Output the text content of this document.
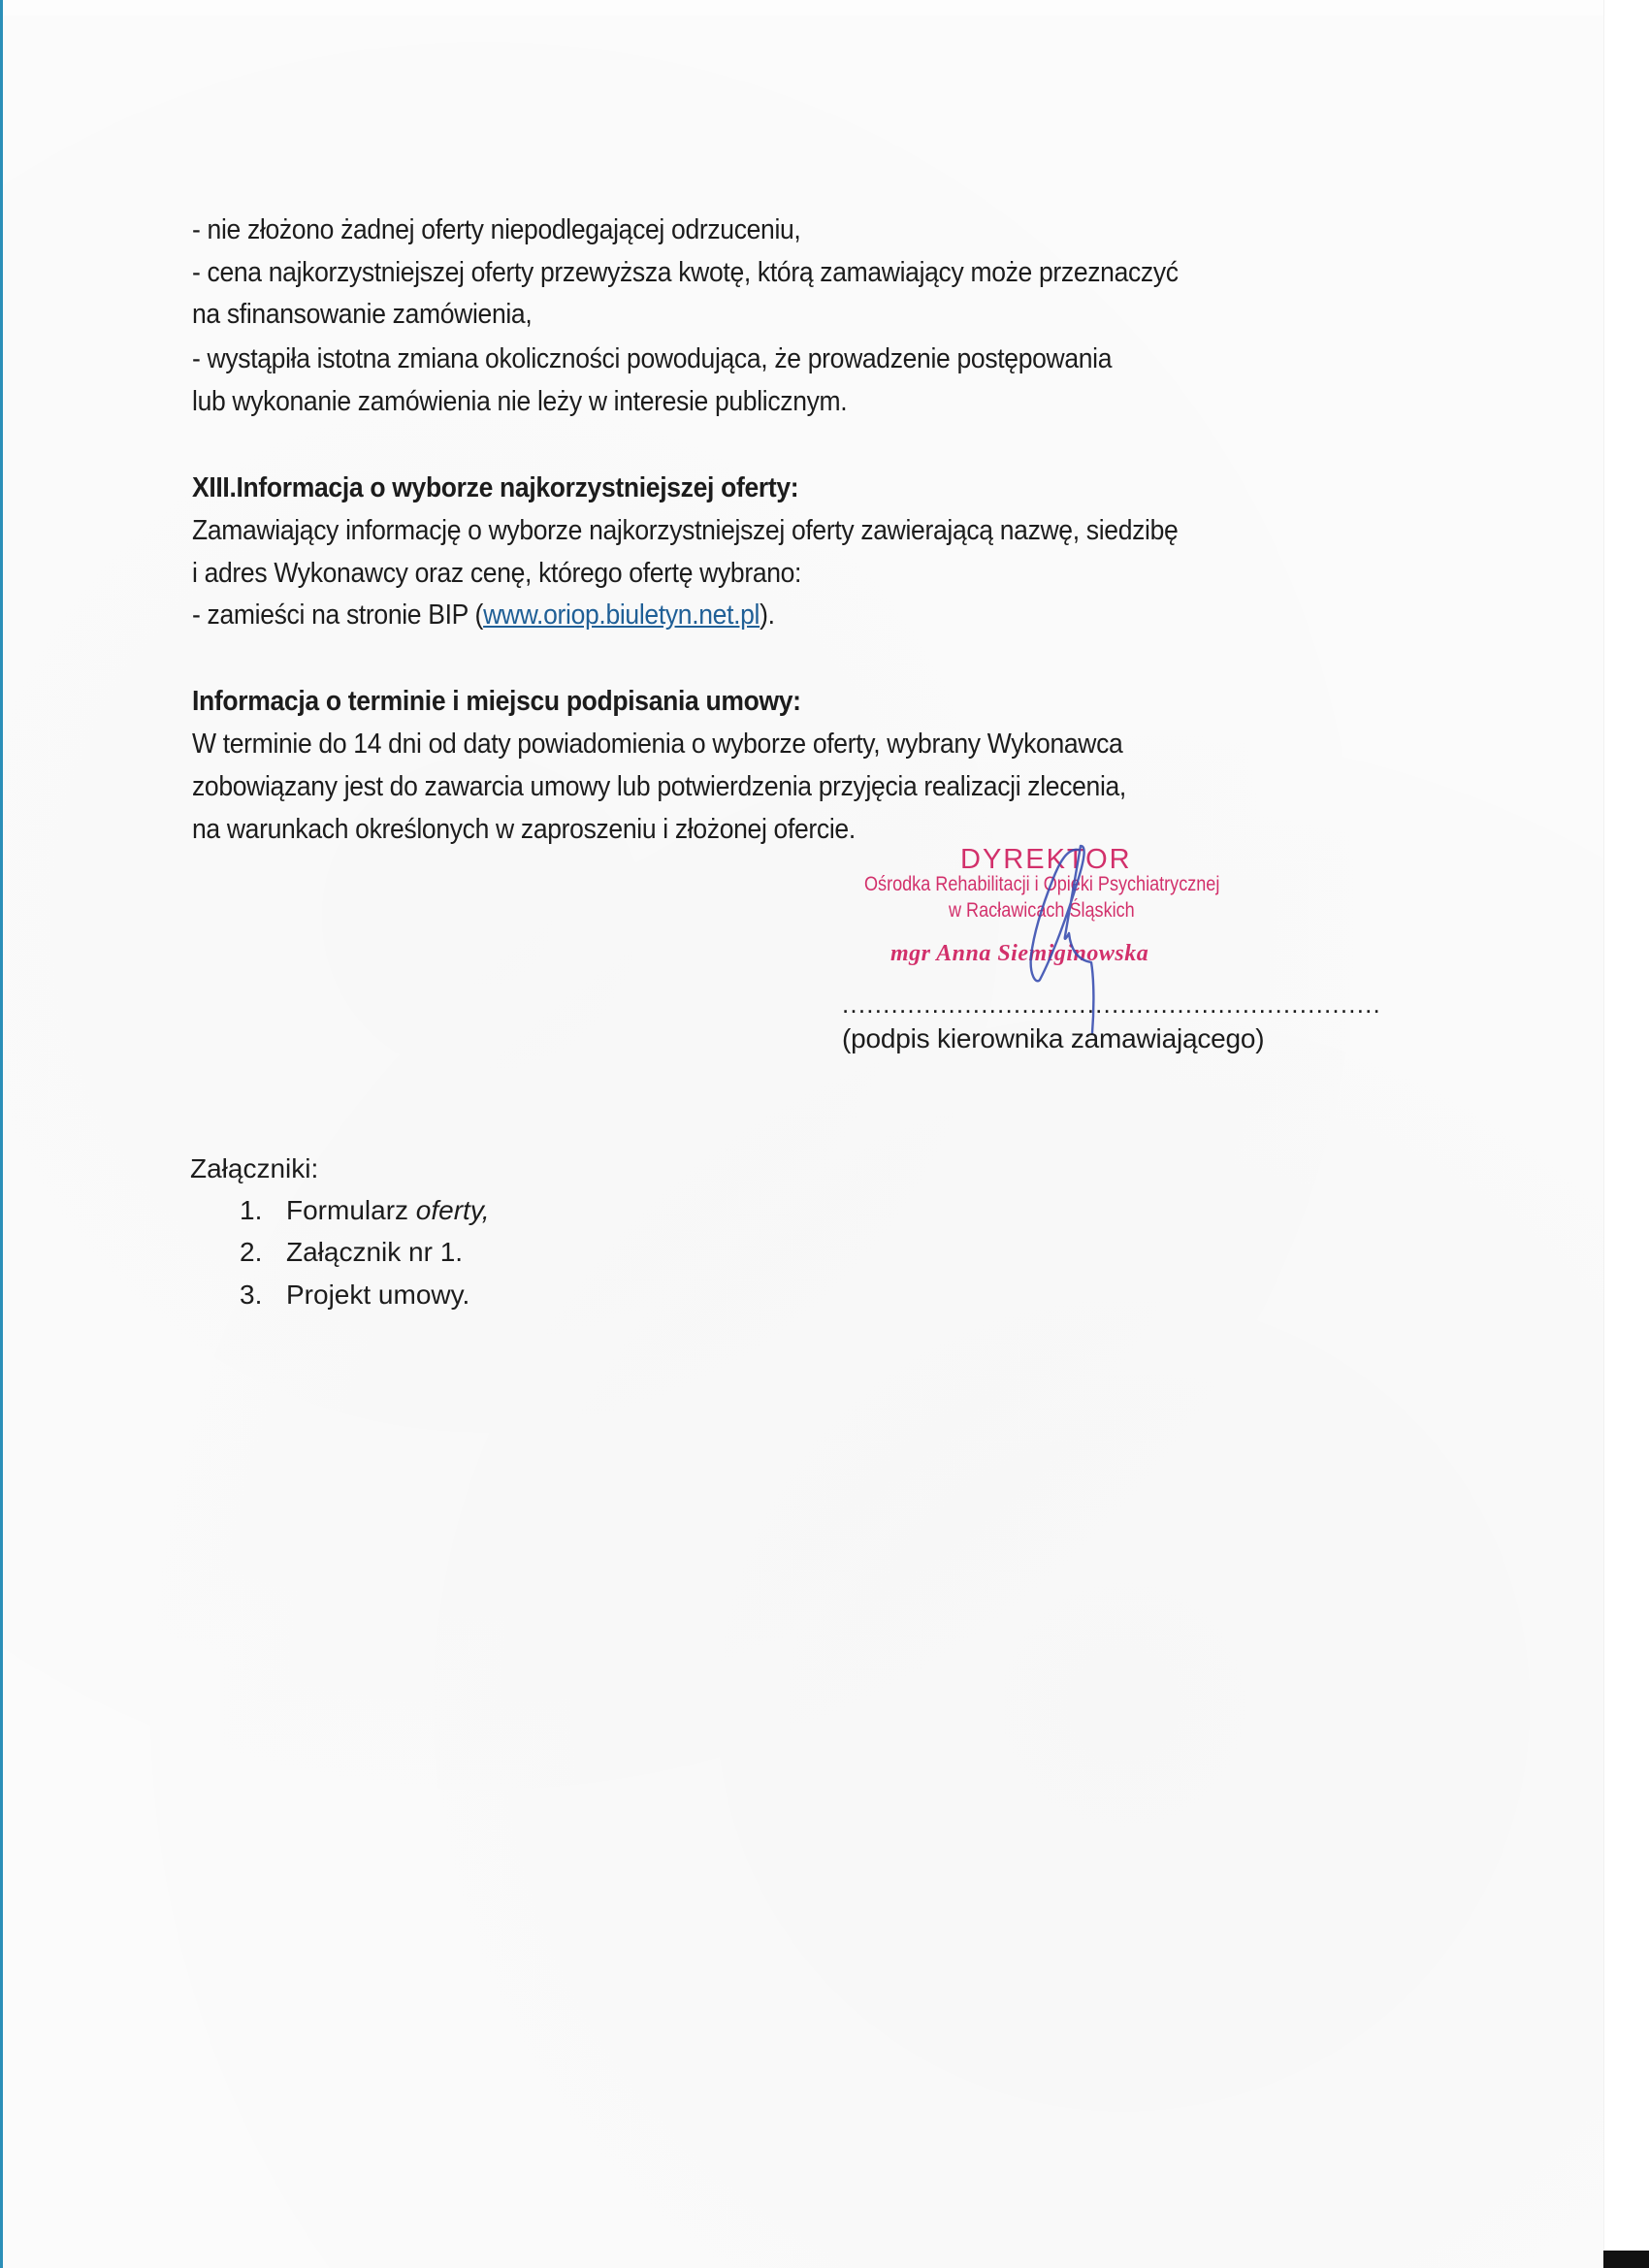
- nie złożono żadnej oferty niepodlegającej odrzuceniu,
- cena najkorzystniejszej oferty przewyższa kwotę, którą zamawiający może przeznaczyć
na sfinansowanie zamówienia,
- wystąpiła istotna zmiana okoliczności powodująca, że prowadzenie postępowania
lub wykonanie zamówienia nie leży w interesie publicznym.
XIII.Informacja o wyborze najkorzystniejszej oferty:
Zamawiający informację o wyborze najkorzystniejszej oferty zawierającą nazwę, siedzibę
i adres Wykonawcy oraz cenę, którego ofertę wybrano:
- zamieści na stronie BIP (www.oriop.biuletyn.net.pl).
Informacja o terminie i miejscu podpisania umowy:
W terminie do 14 dni od daty powiadomienia o wyborze oferty, wybrany Wykonawca
zobowiązany jest do zawarcia umowy lub potwierdzenia przyjęcia realizacji zlecenia,
na warunkach określonych w zaproszeniu i złożonej ofercie.
DYREKTOR
Ośrodka Rehabilitacji i Opieki Psychiatrycznej
w Racławicach Śląskich
mgr Anna Siemiginowska
..................................................................
(podpis kierownika zamawiającego)
Załączniki:
1. Formularz oferty,
2. Załącznik nr 1.
3. Projekt umowy.
